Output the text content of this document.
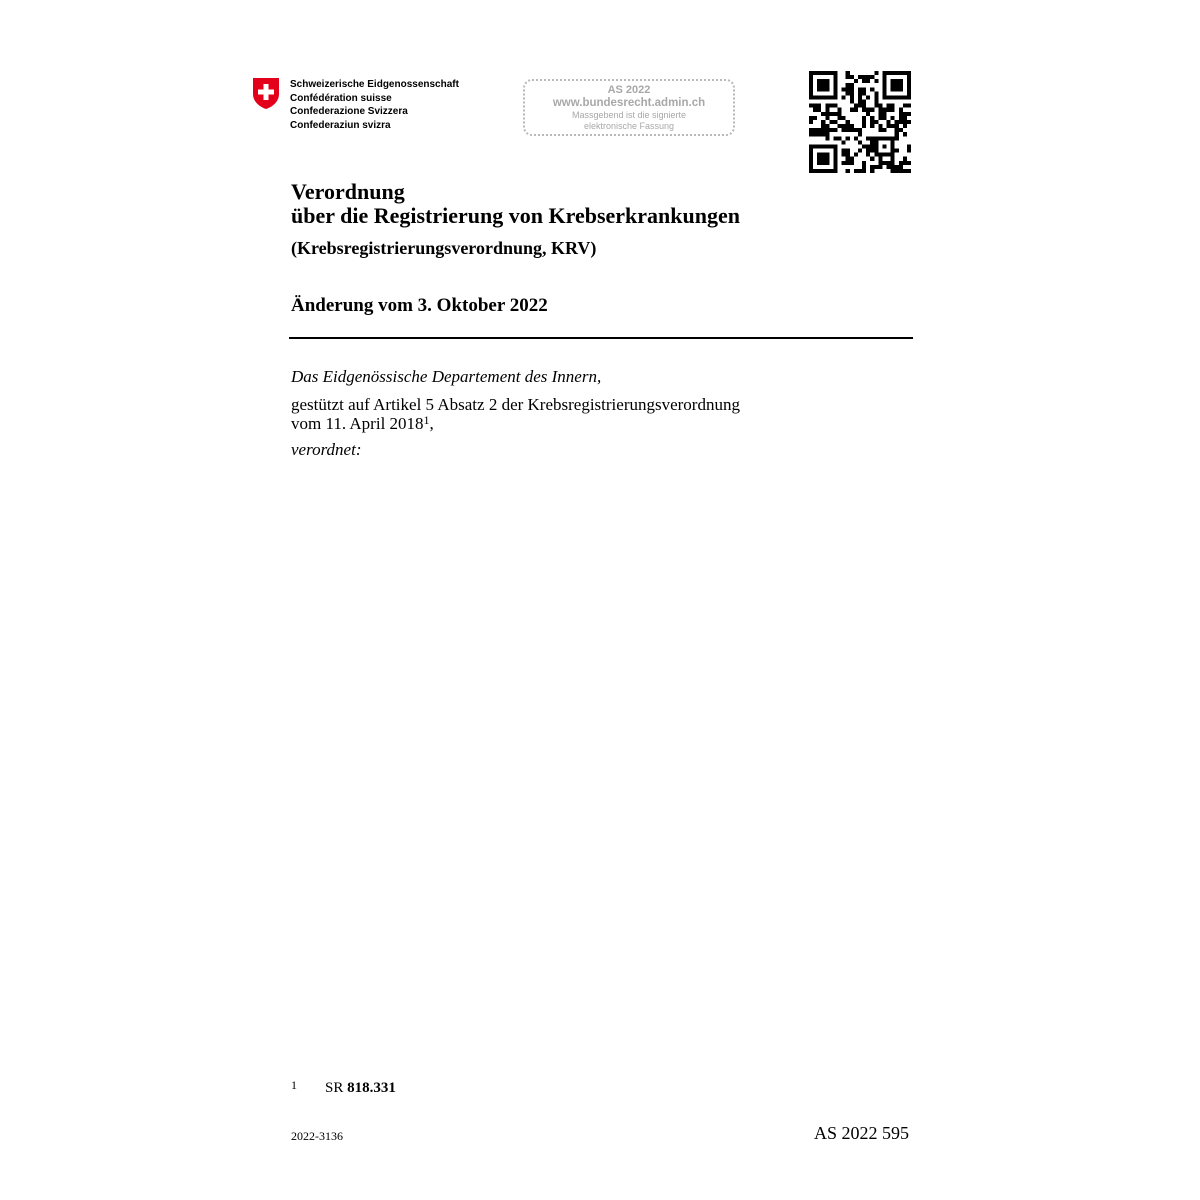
Schweizerische Eidgenossenschaft
Confédération suisse
Confederazione Svizzera
Confederaziun svizra
AS 2022
www.bundesrecht.admin.ch
Massgebend ist die signierte
elektronische Fassung
Verordnung
über die Registrierung von Krebserkrankungen
(Krebsregistrierungsverordnung, KRV)
Änderung vom 3. Oktober 2022
Das Eidgenössische Departement des Innern,
gestützt auf Artikel 5 Absatz 2 der Krebsregistrierungsverordnung
vom 11. April 2018$^1$,
verordnet:
1 SR 818.331
2022-3136	AS 2022 595
